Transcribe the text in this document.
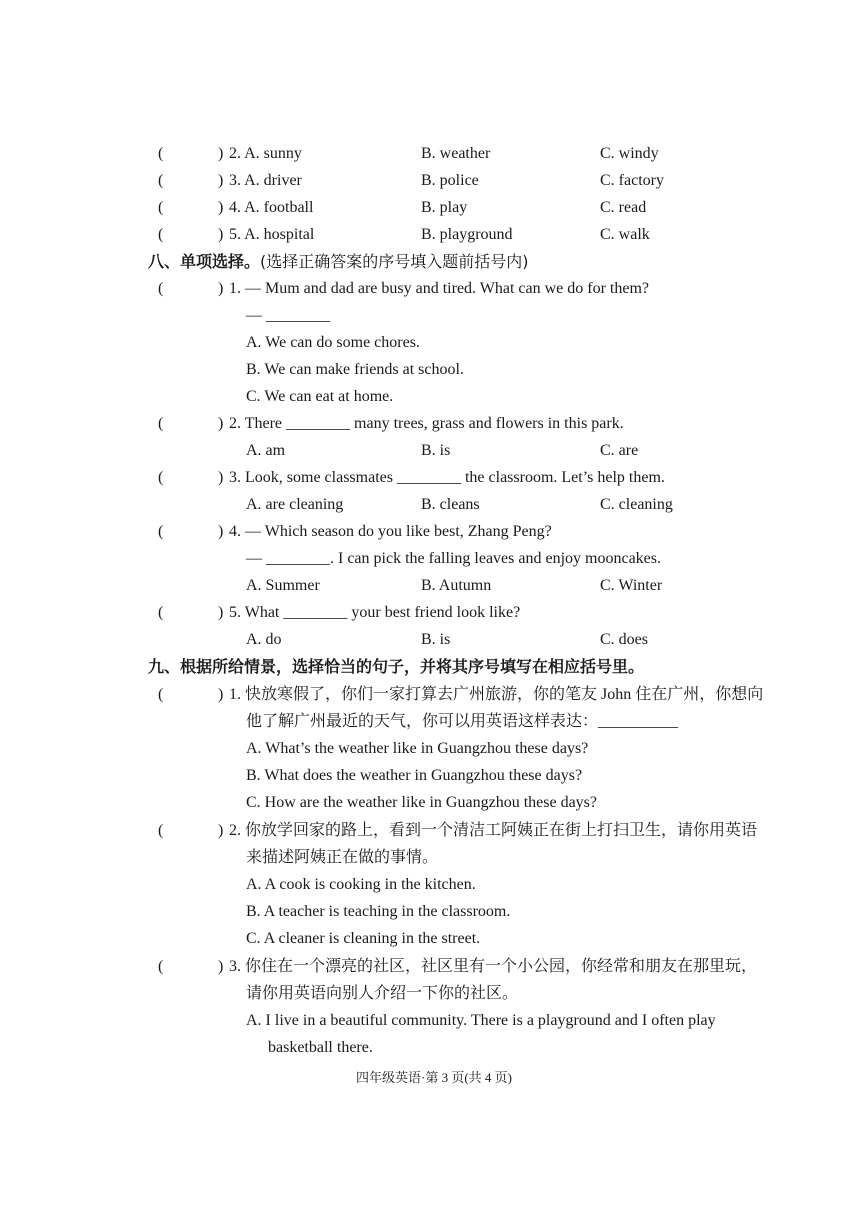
(	) 2. A. sunny	B. weather	C. windy
(	) 3. A. driver	B. police	C. factory
(	) 4. A. football	B. play	C. read
(	) 5. A. hospital	B. playground	C. walk
八、单项选择。(选择正确答案的序号填入题前括号内)
(	) 1. — Mum and dad are busy and tired. What can we do for them?
— ________
A. We can do some chores.
B. We can make friends at school.
C. We can eat at home.
(	) 2. There ________ many trees, grass and flowers in this park.
A. am	B. is	C. are
(	) 3. Look, some classmates ________ the classroom. Let’s help them.
A. are cleaning	B. cleans	C. cleaning
(	) 4. — Which season do you like best, Zhang Peng?
— ________. I can pick the falling leaves and enjoy mooncakes.
A. Summer	B. Autumn	C. Winter
(	) 5. What ________ your best friend look like?
A. do	B. is	C. does
九、根据所给情景，选择恰当的句子，并将其序号填写在相应括号里。
(	) 1. 快放寒假了，你们一家打算去广州旅游，你的笔友 John 住在广州，你想向
他了解广州最近的天气，你可以用英语这样表达：__________
A. What’s the weather like in Guangzhou these days?
B. What does the weather in Guangzhou these days?
C. How are the weather like in Guangzhou these days?
(	) 2. 你放学回家的路上，看到一个清洁工阿姨正在街上打扫卫生，请你用英语
来描述阿姨正在做的事情。
A. A cook is cooking in the kitchen.
B. A teacher is teaching in the classroom.
C. A cleaner is cleaning in the street.
(	) 3. 你住在一个漂亮的社区，社区里有一个小公园，你经常和朋友在那里玩，
请你用英语向别人介绍一下你的社区。
A. I live in a beautiful community. There is a playground and I often play
basketball there.
四年级英语·第 3 页(共 4 页)
